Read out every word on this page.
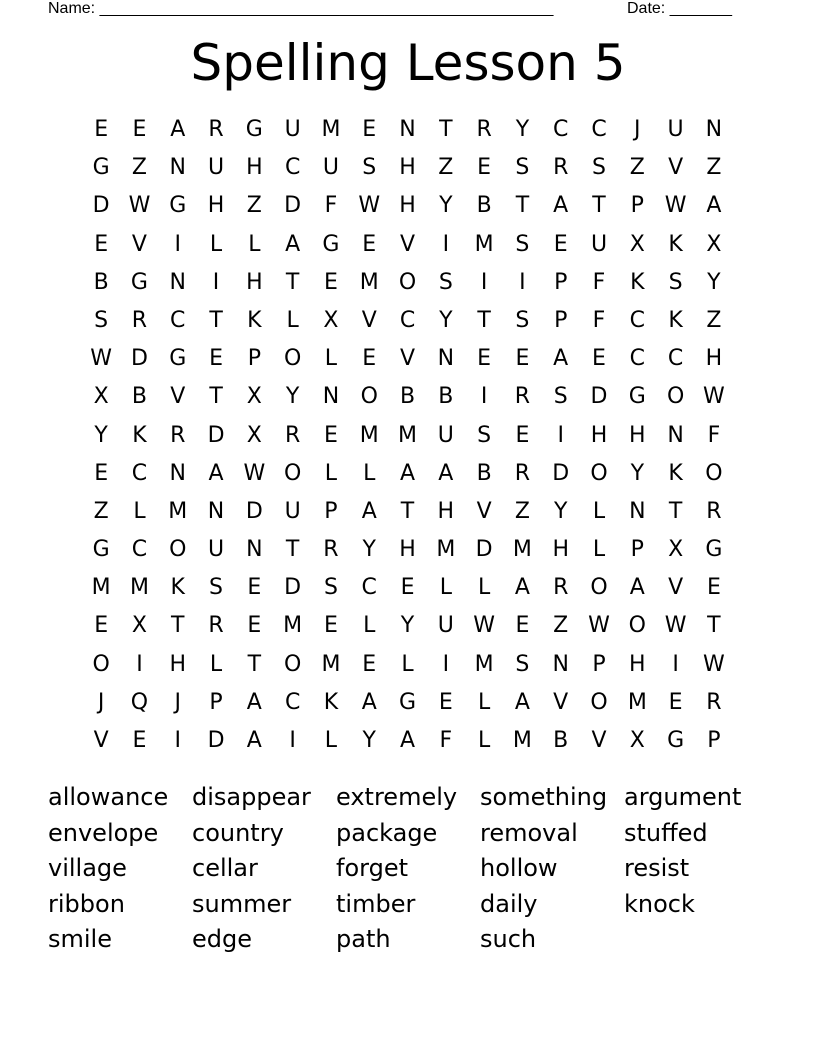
Name: ___________________________________________________	Date: _______
Spelling Lesson 5
E	E	A	R	G U M E	N	T	R	Y	C	C	J	U	N
G	Z	N	U H	C	U	S	H	Z	E	S	R	S	Z	V	Z
D W G H	Z	D	F W H	Y	B	T	A	T	P W A
E	V	I	L	L	A	G	E	V	I	M S	E	U	X	K	X
B	G N	I	H	T	E M O	S	I	I	P	F	K	S	Y
S	R	C	T	K	L	X	V	C	Y	T	S	P	F	C	K	Z
W D G	E	P	O	L	E	V	N	E	E	A	E	C	C	H
X	B	V	T	X	Y	N O	B	B	I	R	S	D G O W
Y	K	R	D	X	R	E M M U	S	E	I	H H N	F
E	C	N	A W O	L	L	A	A	B	R	D O	Y	K	O
Z	L	M N D U	P	A	T	H	V	Z	Y	L	N	T	R
G	C O U	N	T	R	Y	H M D M H	L	P	X	G
M M K	S	E	D	S	C	E	L	L	A	R O	A	V	E
E	X	T	R	E M E	L	Y	U W E	Z W O W T
O	I	H	L	T	O M E	L	I	M S	N	P	H	I	W
J	Q	J	P	A	C	K	A	G	E	L	A	V	O M E	R
V	E	I	D	A	I	L	Y	A	F	L	M B	V	X	G	P
allowance disappear	extremely something argument
envelope	country	package	removal	stuffed
village	cellar	forget	hollow	resist
ribbon	summer	timber	daily	knock
smile	edge	path	such
